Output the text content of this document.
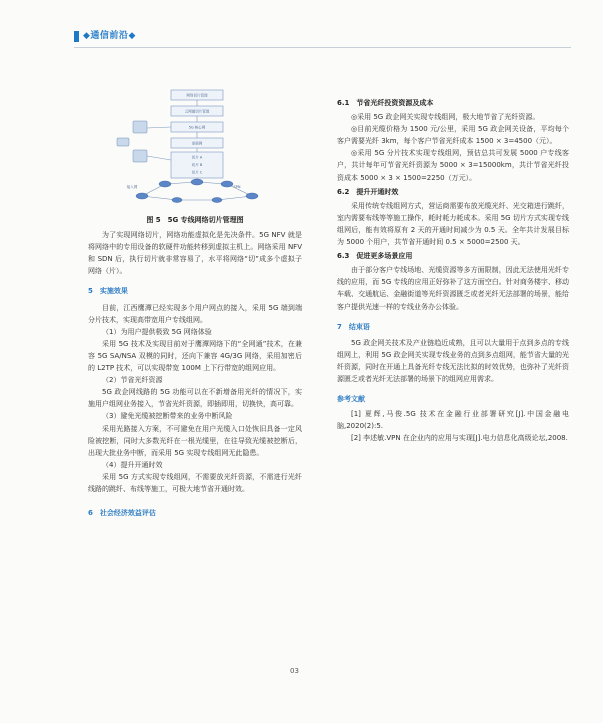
◆通信前沿◆
网络切片管理
云网端切片管理
5G 核心网
承载网
切片 A
切片 B
切片 C
接入网	SPN
图 5　5G 专线网络切片管理图

为了实现网络切片，网络功能虚拟化是先决条件。5G NFV 就是将网络中的专用设备的软硬件功能转移到虚拟主机上。网络采用 NFV 和 SDN 后，执行切片就非常容易了，水平将网络“切”成多个虚拟子网络（片）。

5　实施效果

目前，江西鹰潭已经实现多个用户网点的接入，采用 5G 端到端分片技术，实现高带宽用户专线组网。

（1）为用户提供极致 5G 网络体验

采用 5G 技术及实现目前对于鹰潭网络下的“全网通”技术，在兼容 5G SA/NSA 双模的同时，还向下兼容 4G/3G 网络，采用加密后的 L2TP 技术，可以实现带宽 100M 上下行带宽的组网应用。

（2）节省光纤资源

5G 政企网线路的 5G 功能可以在不新增备用光纤的情况下，实施用户组网业务接入，节省光纤资源，即插即用，切换快，高可靠。

（3）避免光缆被挖断带来的业务中断风险

采用光路接入方案，不可避免在用户光缆入口处恢旧具备一定风险被挖断，同时大多数光纤在一根光缆里，在往导致光缆被挖断后，出现大批业务中断，而采用 5G 实现专线组网无此隐患。

（4）提升开通时效

采用 5G 方式实现专线组网，不需要放光纤资源，不需进行光纤线路的跳纤、布线等施工，可极大地节省开通时效。

6　社会经济效益评估
6.1　节省光纤投资资源及成本

◎采用 5G 政企网关实现专线组网，极大地节省了光纤资源。

◎目前光缆价格为 1500 元/公里，采用 5G 政企网关设备，平均每个客户需要光纤 3km，每个客户节省光纤成本 1500 × 3=4500（元）。

◎采用 5G 分片技术实现专线组网，预估总共可发展 5000 户专线客户，共计每年可节省光纤资源为 5000 × 3=15000km，共计节省光纤投资成本 5000 × 3 × 1500=2250（万元）。

6.2　提升开通时效

采用传统专线组网方式，营运商需要布放光缆光纤、光交箱进行跳纤，室内需要布线等等施工操作，耗时耗力耗成本。采用 5G 切片方式实现专线组网后，能有效将原有 2 天的开通时间减少为 0.5 天。全年共计发展目标为 5000 个用户，共节省开通时间 0.5 × 5000=2500 天。

6.3　促进更多场景应用

由于部分客户专线场地、光缆资源等多方面限制，因此无法使用光纤专线的应用，而 5G 专线的应用正好弥补了这方面空白。针对商务楼宇、移动车载、交通航运、金融街道等光纤资源匮乏或者光纤无法部署的场景，能给客户提供光速一样的专线业务办公体验。

7　结束语

5G 政企网关技术及产业链趋近成熟，且可以大量用于点到多点的专线组网上，利用 5G 政企网关实现专线业务的点到多点组网，能节省大量的光纤资源，同时在开通上具备光纤专线无法比拟的时效优势，也弥补了光纤资源匮乏或者光纤无法部署的场景下的组网应用需求。

参考文献

[1] 夏辉,马俊.5G 技术在金融行业部署研究[J].中国金融电脑,2020(2):5.

[2] 李述敏.VPN 在企业内的应用与实现[J].电力信息化高级论坛,2008.

03
